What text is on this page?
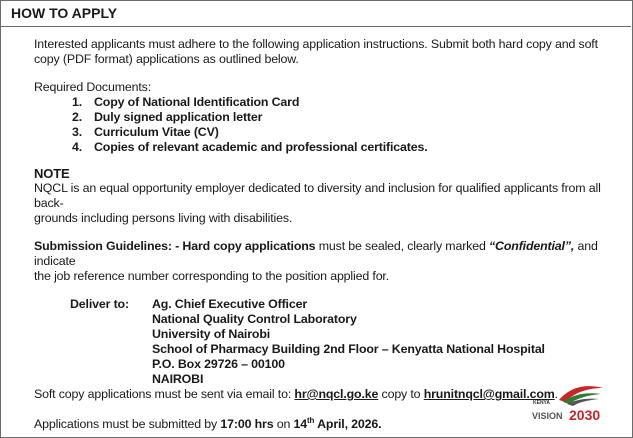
HOW TO APPLY

Interested applicants must adhere to the following application instructions. Submit both hard copy and soft copy (PDF format) applications as outlined below.

Required Documents:

1. Copy of National Identification Card
2. Duly signed application letter
3. Curriculum Vitae (CV)
4. Copies of relevant academic and professional certificates.

NOTE

NQCL is an equal opportunity employer dedicated to diversity and inclusion for qualified applicants from all back-

grounds including persons living with disabilities.

Submission Guidelines: - Hard copy applications must be sealed, clearly marked “Confidential”, and indicate

the job reference number corresponding to the position applied for.

Deliver to:	Ag. Chief Executive Officer
National Quality Control Laboratory
University of Nairobi
School of Pharmacy Building 2nd Floor – Kenyatta National Hospital
P.O. Box 29726 – 00100
NAIROBI

Soft copy applications must be sent via email to: hr@nqcl.go.ke copy to hrunitnqcl@gmail.com.

Applications must be submitted by 17:00 hrs on 14th April, 2026.

KENYA
VISION 2030
